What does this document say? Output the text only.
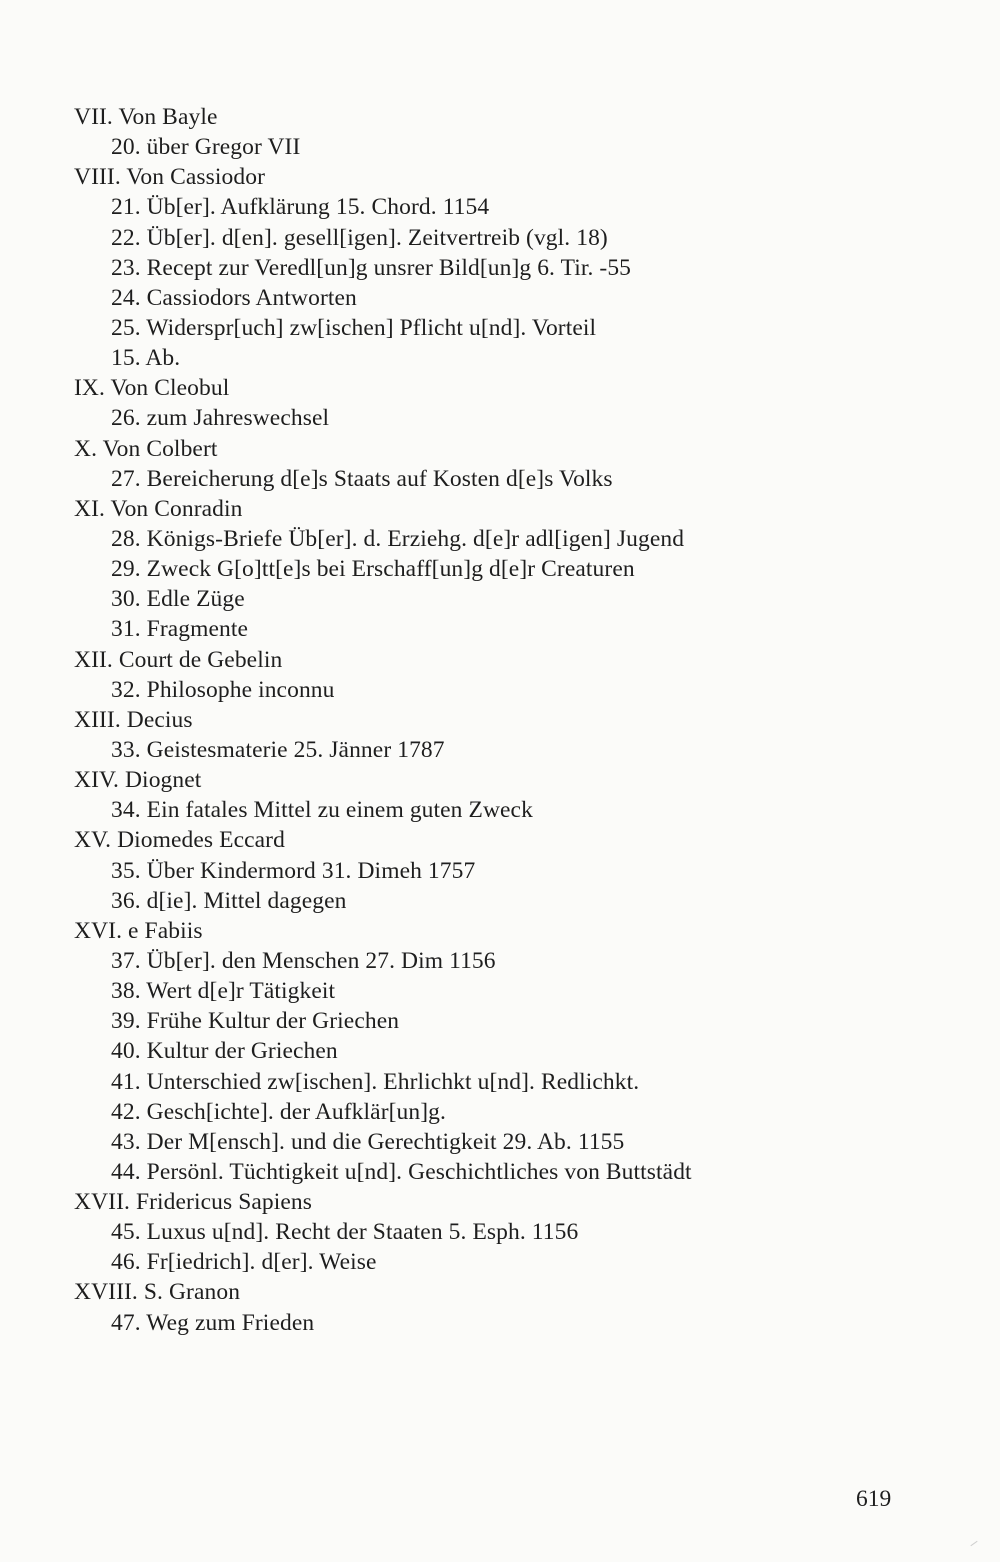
VII. Von Bayle
20. über Gregor VII
VIII. Von Cassiodor
21. Üb[er]. Aufklärung 15. Chord. 1154
22. Üb[er]. d[en]. gesell[igen]. Zeitvertreib (vgl. 18)
23. Recept zur Veredl[un]g unsrer Bild[un]g 6. Tir. -55
24. Cassiodors Antworten
25. Widerspr[uch] zw[ischen] Pflicht u[nd]. Vorteil
15. Ab.
IX. Von Cleobul
26. zum Jahreswechsel
X. Von Colbert
27. Bereicherung d[e]s Staats auf Kosten d[e]s Volks
XI. Von Conradin
28. Königs-Briefe Üb[er]. d. Erziehg. d[e]r adl[igen] Jugend
29. Zweck G[o]tt[e]s bei Erschaff[un]g d[e]r Creaturen
30. Edle Züge
31. Fragmente
XII. Court de Gebelin
32. Philosophe inconnu
XIII. Decius
33. Geistesmaterie 25. Jänner 1787
XIV. Diognet
34. Ein fatales Mittel zu einem guten Zweck
XV. Diomedes Eccard
35. Über Kindermord 31. Dimeh 1757
36. d[ie]. Mittel dagegen
XVI. e Fabiis
37. Üb[er]. den Menschen 27. Dim 1156
38. Wert d[e]r Tätigkeit
39. Frühe Kultur der Griechen
40. Kultur der Griechen
41. Unterschied zw[ischen]. Ehrlichkt u[nd]. Redlichkt.
42. Gesch[ichte]. der Aufklär[un]g.
43. Der M[ensch]. und die Gerechtigkeit 29. Ab. 1155
44. Persönl. Tüchtigkeit u[nd]. Geschichtliches von Buttstädt
XVII. Fridericus Sapiens
45. Luxus u[nd]. Recht der Staaten 5. Esph. 1156
46. Fr[iedrich]. d[er]. Weise
XVIII. S. Granon
47. Weg zum Frieden
619
